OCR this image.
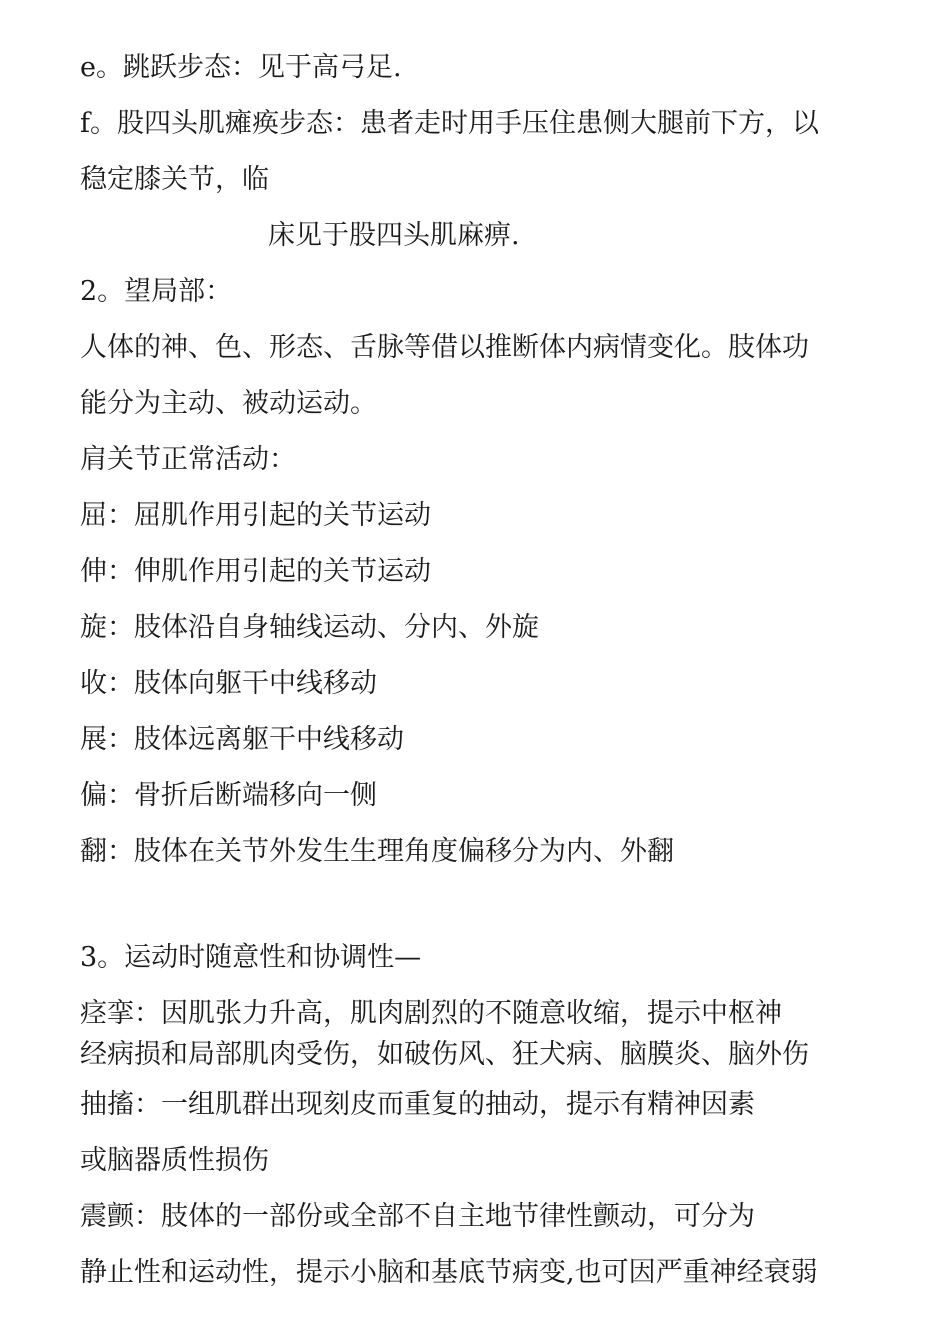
e。跳跃步态：见于高弓足.
f。股四头肌瘫痪步态：患者走时用手压住患侧大腿前下方，以
稳定膝关节，临
床见于股四头肌麻痹.
2。望局部：
人体的神、色、形态、舌脉等借以推断体内病情变化。肢体功
能分为主动、被动运动。
肩关节正常活动：
屈：屈肌作用引起的关节运动
伸：伸肌作用引起的关节运动
旋：肢体沿自身轴线运动、分内、外旋
收：肢体向躯干中线移动
展：肢体远离躯干中线移动
偏：骨折后断端移向一侧
翻：肢体在关节外发生生理角度偏移分为内、外翻
3。运动时随意性和协调性—
痉挛：因肌张力升高，肌肉剧烈的不随意收缩，提示中枢神
经病损和局部肌肉受伤，如破伤风、狂犬病、脑膜炎、脑外伤
抽搐：一组肌群出现刻皮而重复的抽动，提示有精神因素
或脑器质性损伤
震颤：肢体的一部份或全部不自主地节律性颤动，可分为
静止性和运动性，提示小脑和基底节病变,也可因严重神经衰弱
